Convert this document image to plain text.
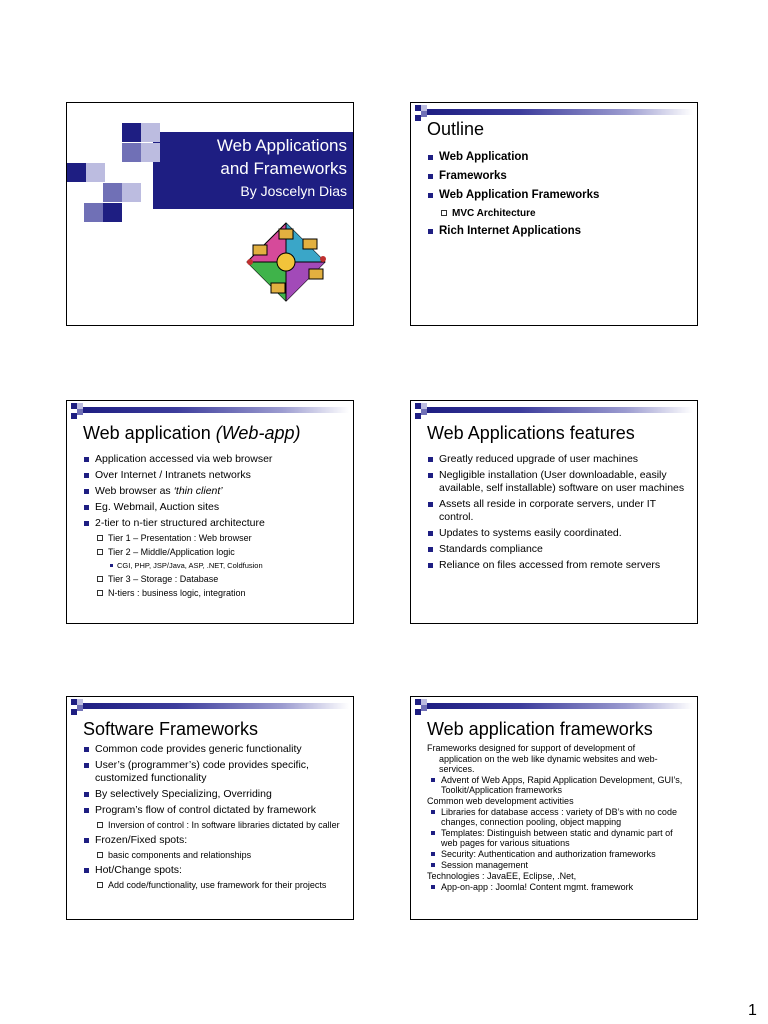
Web Applications
and Frameworks
By Joscelyn Dias
Outline
Web Application
Frameworks
Web Application Frameworks
MVC Architecture
Rich Internet Applications
Web application (Web-app)
Application accessed via web browser
Over Internet / Intranets networks
Web browser as ‘thin client’
Eg. Webmail, Auction sites
2-tier to n-tier structured architecture
Tier 1 – Presentation : Web browser
Tier 2 – Middle/Application logic
CGI, PHP, JSP/Java, ASP, .NET, Coldfusion
Tier 3 – Storage : Database
N-tiers : business logic, integration
Web Applications features
Greatly reduced upgrade of user machines
Negligible installation (User downloadable, easily available, self installable) software on user machines
Assets all reside in corporate servers, under IT control.
Updates to systems easily coordinated.
Standards compliance
Reliance on files accessed from remote servers
Software Frameworks
Common code provides generic functionality
User’s (programmer’s) code provides specific, customized functionality
By selectively Specializing, Overriding
Program’s flow of control dictated by framework
Inversion of control : In software libraries dictated by caller
Frozen/Fixed spots:
basic components and relationships
Hot/Change spots:
Add code/functionality, use framework for their projects
Web application frameworks
Frameworks designed for support of development of
application on the web like dynamic websites and web-services.
Advent of Web Apps, Rapid Application Development, GUI’s, Toolkit/Application frameworks
Common web development activities
Libraries for database access : variety of DB’s with no code changes, connection pooling, object mapping
Templates: Distinguish between static and dynamic part of web pages for various situations
Security: Authentication and authorization frameworks
Session management
Technologies : JavaEE, Eclipse, .Net,
App-on-app : Joomla! Content mgmt. framework
1
